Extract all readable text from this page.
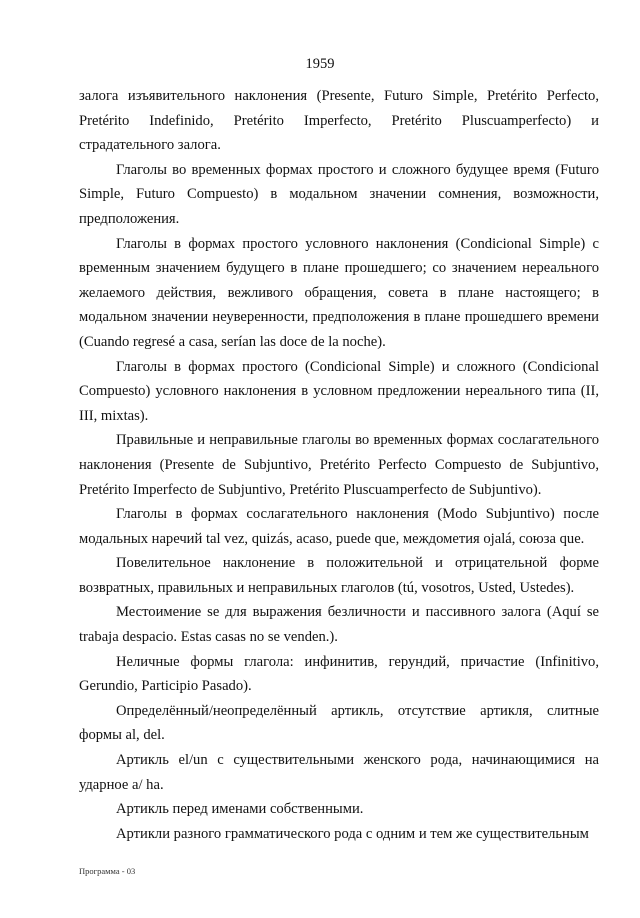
1959

залога изъявительного наклонения (Presente, Futuro Simple, Pretérito Perfecto, Pretérito Indefinido, Pretérito Imperfecto, Pretérito Pluscuamperfecto) и страдательного залога.

Глаголы во временных формах простого и сложного будущее время (Futuro Simple, Futuro Compuesto) в модальном значении сомнения, возможности, предположения.

Глаголы в формах простого условного наклонения (Condicional Simple) с временным значением будущего в плане прошедшего; со значением нереального желаемого действия, вежливого обращения, совета в плане настоящего; в модальном значении неуверенности, предположения в плане прошедшего времени (Cuando regresé a casa, serían las doce de la noche).

Глаголы в формах простого (Condicional Simple) и сложного (Condicional Compuesto) условного наклонения в условном предложении нереального типа (II, III, mixtas).

Правильные и неправильные глаголы во временных формах сослагательного наклонения (Presente de Subjuntivo, Pretérito Perfecto Compuesto de Subjuntivo, Pretérito Imperfecto de Subjuntivo, Pretérito Pluscuamperfecto de Subjuntivo).

Глаголы в формах сослагательного наклонения (Modo Subjuntivo) после модальных наречий tal vez, quizás, acaso, puede que, междометия ojalá, союза que.

Повелительное наклонение в положительной и отрицательной форме возвратных, правильных и неправильных глаголов (tú, vosotros, Usted, Ustedes).

Местоимение se для выражения безличности и пассивного залога (Aquí se trabaja despacio. Estas casas no se venden.).

Неличные формы глагола: инфинитив, герундий, причастие (Infinitivo, Gerundio, Participio Pasado).

Определённый/неопределённый артикль, отсутствие артикля, слитные формы al, del.

Артикль el/un с существительными женского рода, начинающимися на ударное a/ ha.

Артикль перед именами собственными.

Артикли разного грамматического рода с одним и тем же существительным

Программа - 03
